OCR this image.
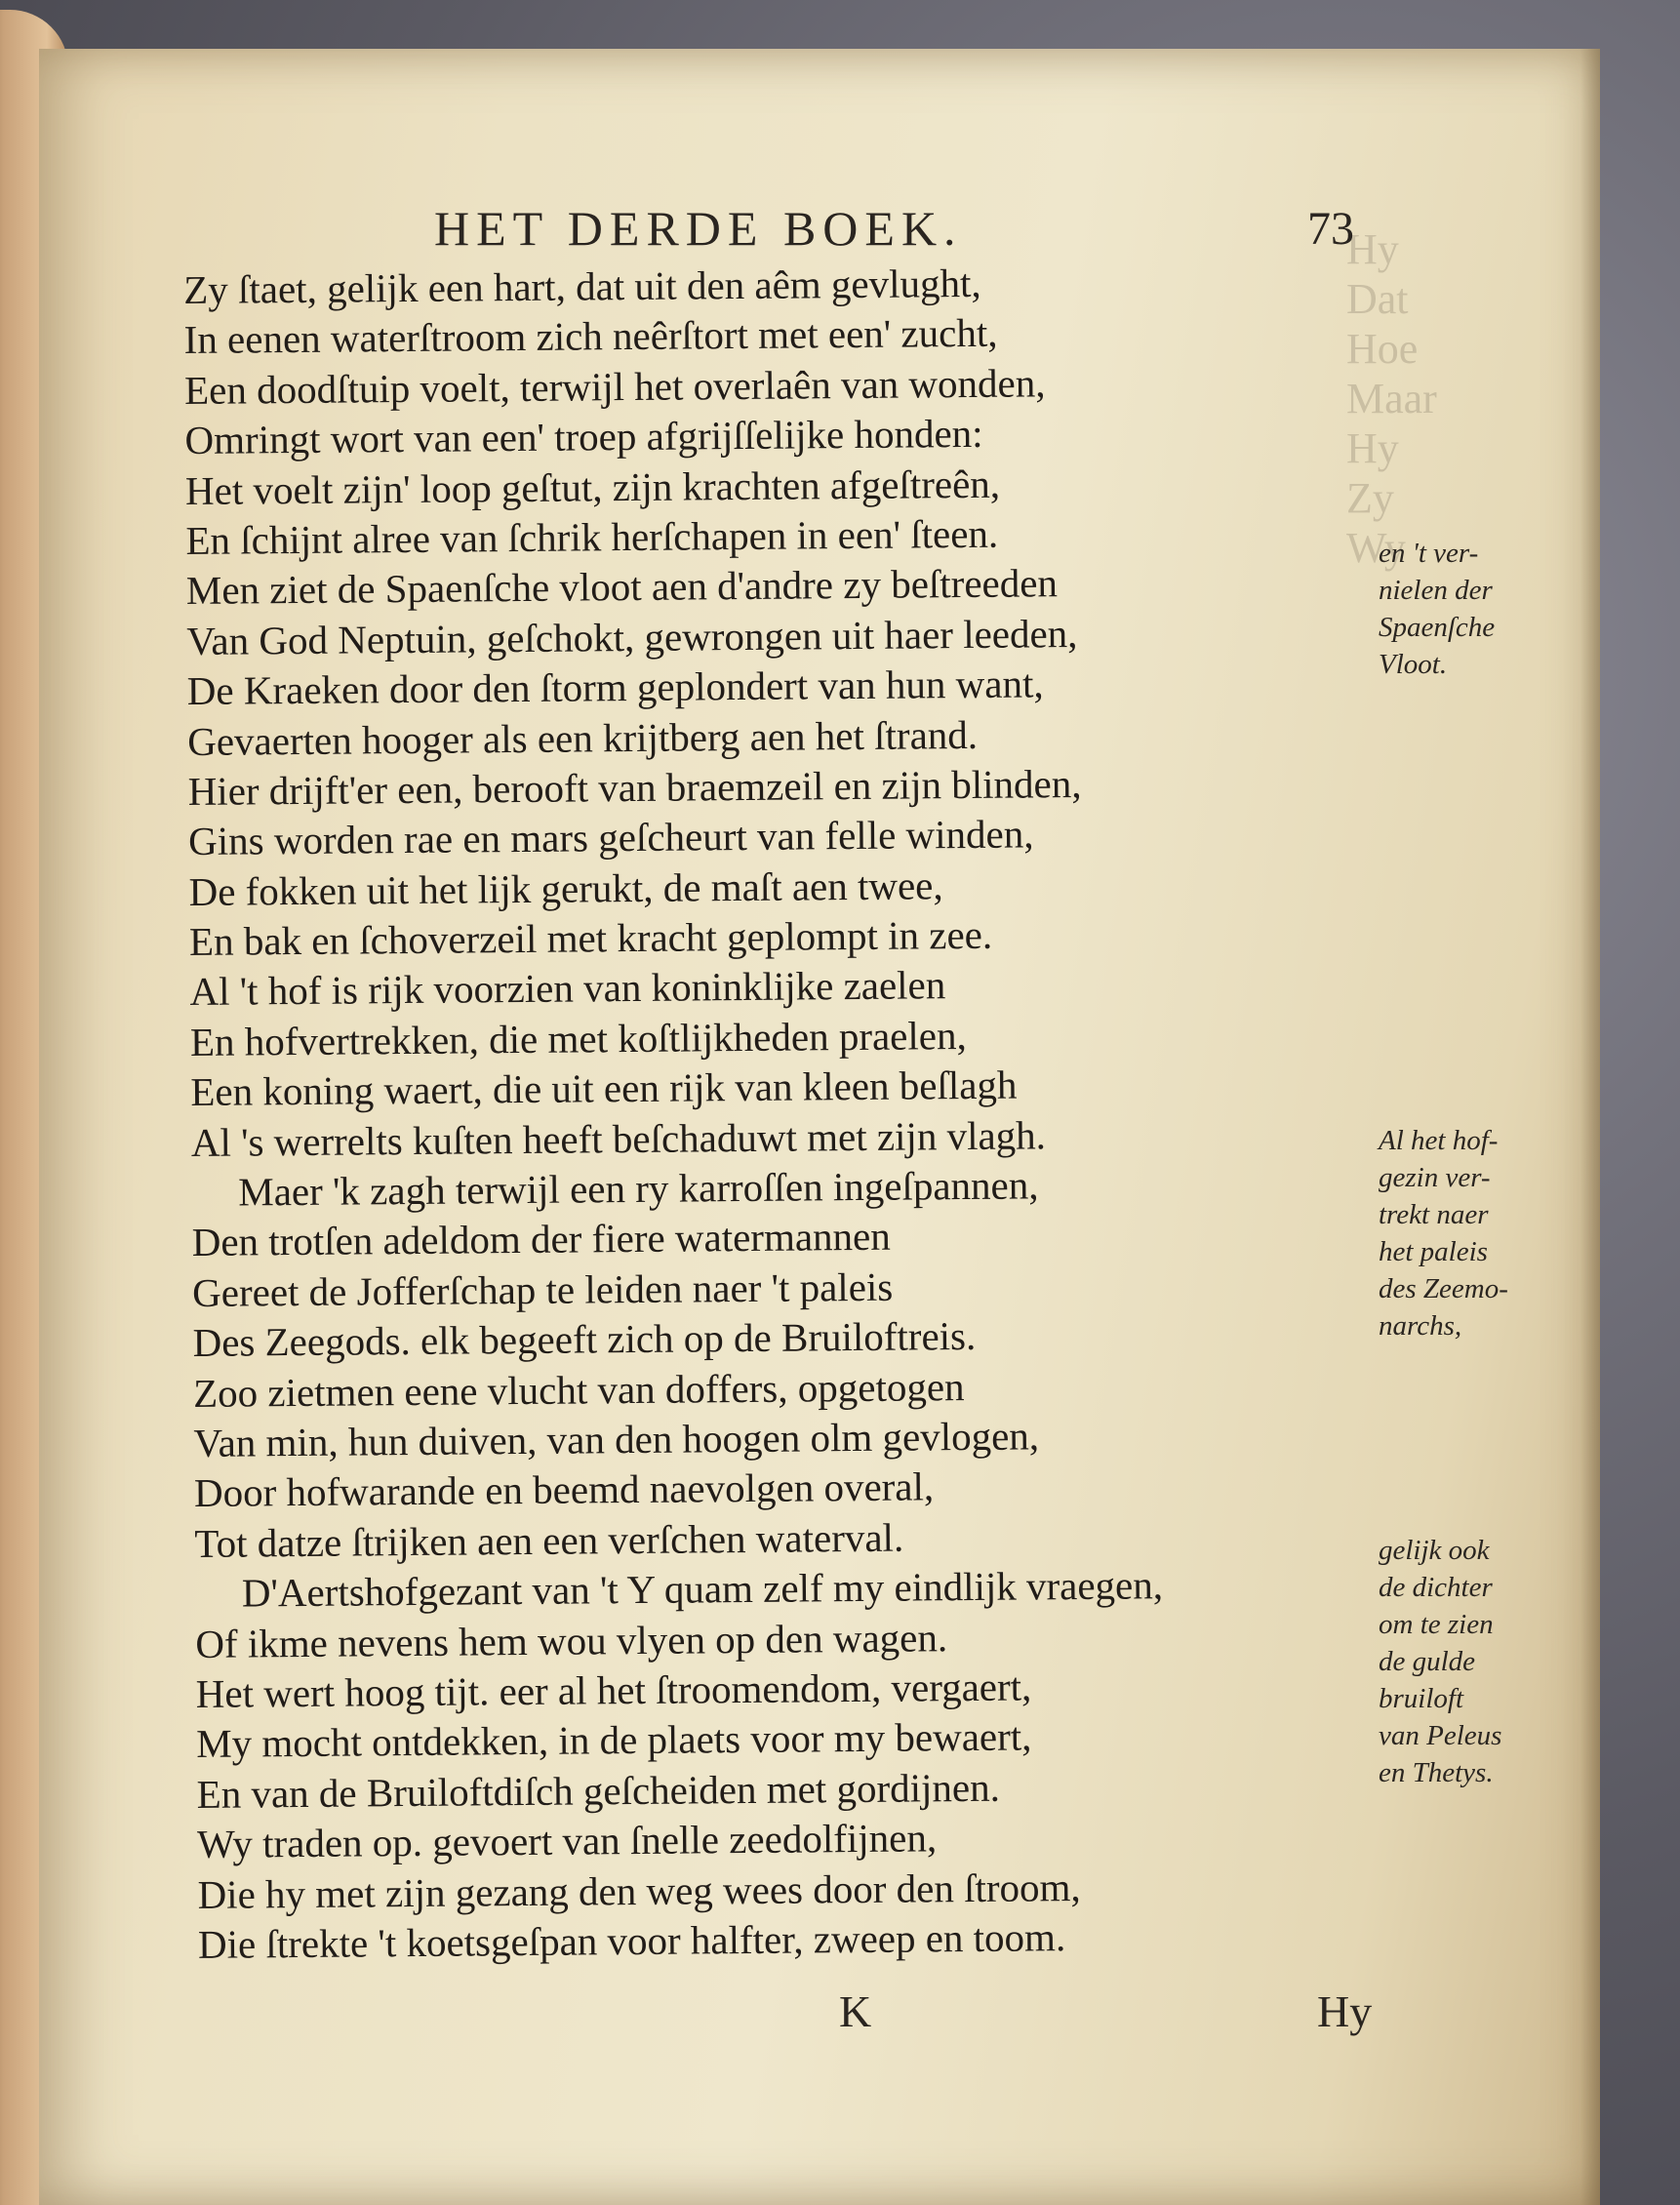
Hy
Dat
Hoe
Maar
Hy
Zy
Wy
HET DERDE BOEK.	73
Zy ſtaet, gelijk een hart, dat uit den aêm gevlught,
In eenen waterſtroom zich neêrſtort met een' zucht,
Een doodſtuip voelt, terwijl het overlaên van wonden,
Omringt wort van een' troep afgrijſſelijke honden:
Het voelt zijn' loop geſtut, zijn krachten afgeſtreên,
En ſchijnt alree van ſchrik herſchapen in een' ſteen.
Men ziet de Spaenſche vloot aen d'andre zy beſtreeden
Van God Neptuin, geſchokt, gewrongen uit haer leeden,
De Kraeken door den ſtorm geplondert van hun want,
Gevaerten hooger als een krijtberg aen het ſtrand.
Hier drijft'er een, berooft van braemzeil en zijn blinden,
Gins worden rae en mars geſcheurt van felle winden,
De fokken uit het lijk gerukt, de maſt aen twee,
En bak en ſchoverzeil met kracht geplompt in zee.
Al 't hof is rijk voorzien van koninklijke zaelen
En hofvertrekken, die met koſtlijkheden praelen,
Een koning waert, die uit een rijk van kleen beſlagh
Al 's werrelts kuſten heeft beſchaduwt met zijn vlagh.
Maer 'k zagh terwijl een ry karroſſen ingeſpannen,
Den trotſen adeldom der fiere watermannen
Gereet de Jofferſchap te leiden naer 't paleis
Des Zeegods. elk begeeft zich op de Bruiloftreis.
Zoo zietmen eene vlucht van doffers, opgetogen
Van min, hun duiven, van den hoogen olm gevlogen,
Door hofwarande en beemd naevolgen overal,
Tot datze ſtrijken aen een verſchen waterval.
D'Aertshofgezant van 't Y quam zelf my eindlijk vraegen,
Of ikme nevens hem wou vlyen op den wagen.
Het wert hoog tijt. eer al het ſtroomendom, vergaert,
My mocht ontdekken, in de plaets voor my bewaert,
En van de Bruiloftdiſch geſcheiden met gordijnen.
Wy traden op. gevoert van ſnelle zeedolfijnen,
Die hy met zijn gezang den weg wees door den ſtroom,
Die ſtrekte 't koetsgeſpan voor halfter, zweep en toom.
en 't ver-
nielen der
Spaenſche
Vloot.
Al het hof-
gezin ver-
trekt naer
het paleis
des Zeemo-
narchs,
gelijk ook
de dichter
om te zien
de gulde
bruiloft
van Peleus
en Thetys.
K	Hy
